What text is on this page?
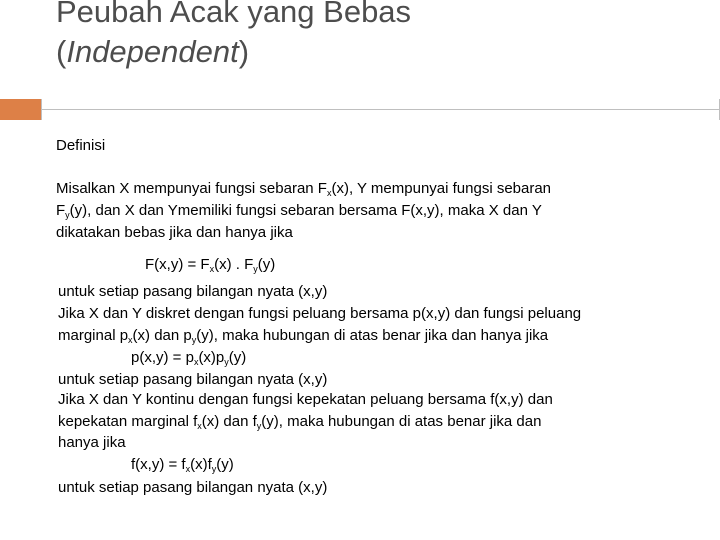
Peubah Acak yang Bebas
(Independent)

Definisi

Misalkan X mempunyai fungsi sebaran $F_x(x)$, Y mempunyai fungsi sebaran

$F_y(y)$, dan X dan Ymemiliki fungsi sebaran bersama F(x,y), maka X dan Y

dikatakan bebas jika dan hanya jika

$F(x,y) = F_x(x)$ . $F_y(y)$

untuk setiap pasang bilangan nyata (x,y)

Jika X dan Y diskret dengan fungsi peluang bersama p(x,y) dan fungsi peluang

marginal $p_x(x)$ dan $p_y(y)$, maka hubungan di atas benar jika dan hanya jika

$p(x,y) = p_x(x)p_y(y)$

untuk setiap pasang bilangan nyata (x,y)

Jika X dan Y kontinu dengan fungsi kepekatan peluang bersama f(x,y) dan

kepekatan marginal $f_x(x)$ dan $f_y(y)$, maka hubungan di atas benar jika dan

hanya jika

$f(x,y) = f_x(x)f_y(y)$

untuk setiap pasang bilangan nyata (x,y)
